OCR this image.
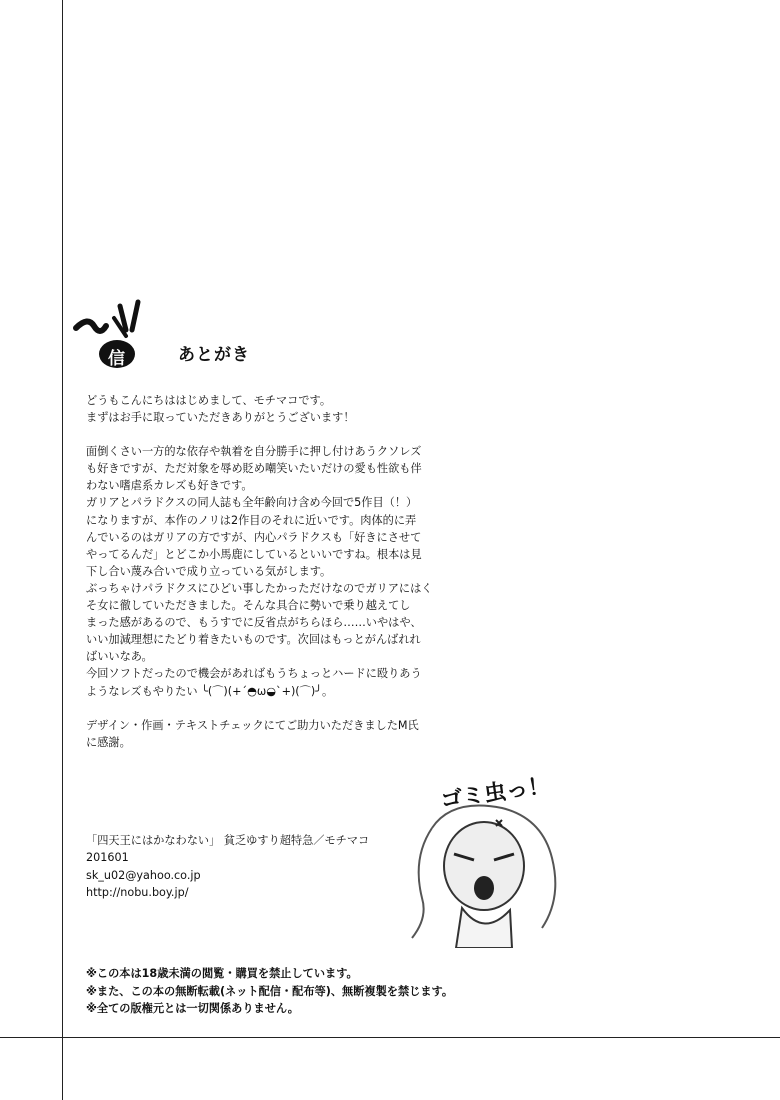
信	あとがき

どうもこんにちははじめまして、モチマコです。

まずはお手に取っていただきありがとうございます！

面倒くさい一方的な依存や執着を自分勝手に押し付けあうクソレズ

も好きですが、ただ対象を辱め貶め嘲笑いたいだけの愛も性欲も伴

わない嗜虐系カレズも好きです。

ガリアとパラドクスの同人誌も全年齢向け含め今回で5作目（！）

になりますが、本作のノリは2作目のそれに近いです。肉体的に弄

んでいるのはガリアの方ですが、内心パラドクスも「好きにさせて

やってるんだ」とどこか小馬鹿にしているといいですね。根本は見

下し合い蔑み合いで成り立っている気がします。

ぶっちゃけパラドクスにひどい事したかっただけなのでガリアにはく

そ女に徹していただきました。そんな具合に勢いで乗り越えてし

まった感があるので、もうすでに反省点がちらほら……いやはや、

いい加減理想にたどり着きたいものです。次回はもっとがんばれれ

ばいいなあ。

今回ソフトだったので機会があればもうちょっとハードに殴りあう

ようなレズもやりたい ╰(⌒)(+´◓ω◒`+)(⌒)╯。

デザイン・作画・テキストチェックにてご助力いただきましたM氏

に感謝。

「四天王にはかなわない」 貧乏ゆすり超特急／モチマコ

201601

sk_u02@yahoo.co.jp

http://nobu.boy.jp/

ゴミ虫っ！

※この本は18歳未満の閲覧・購買を禁止しています。

※また、この本の無断転載(ネット配信・配布等)、無断複製を禁じます。

※全ての版権元とは一切関係ありません。
